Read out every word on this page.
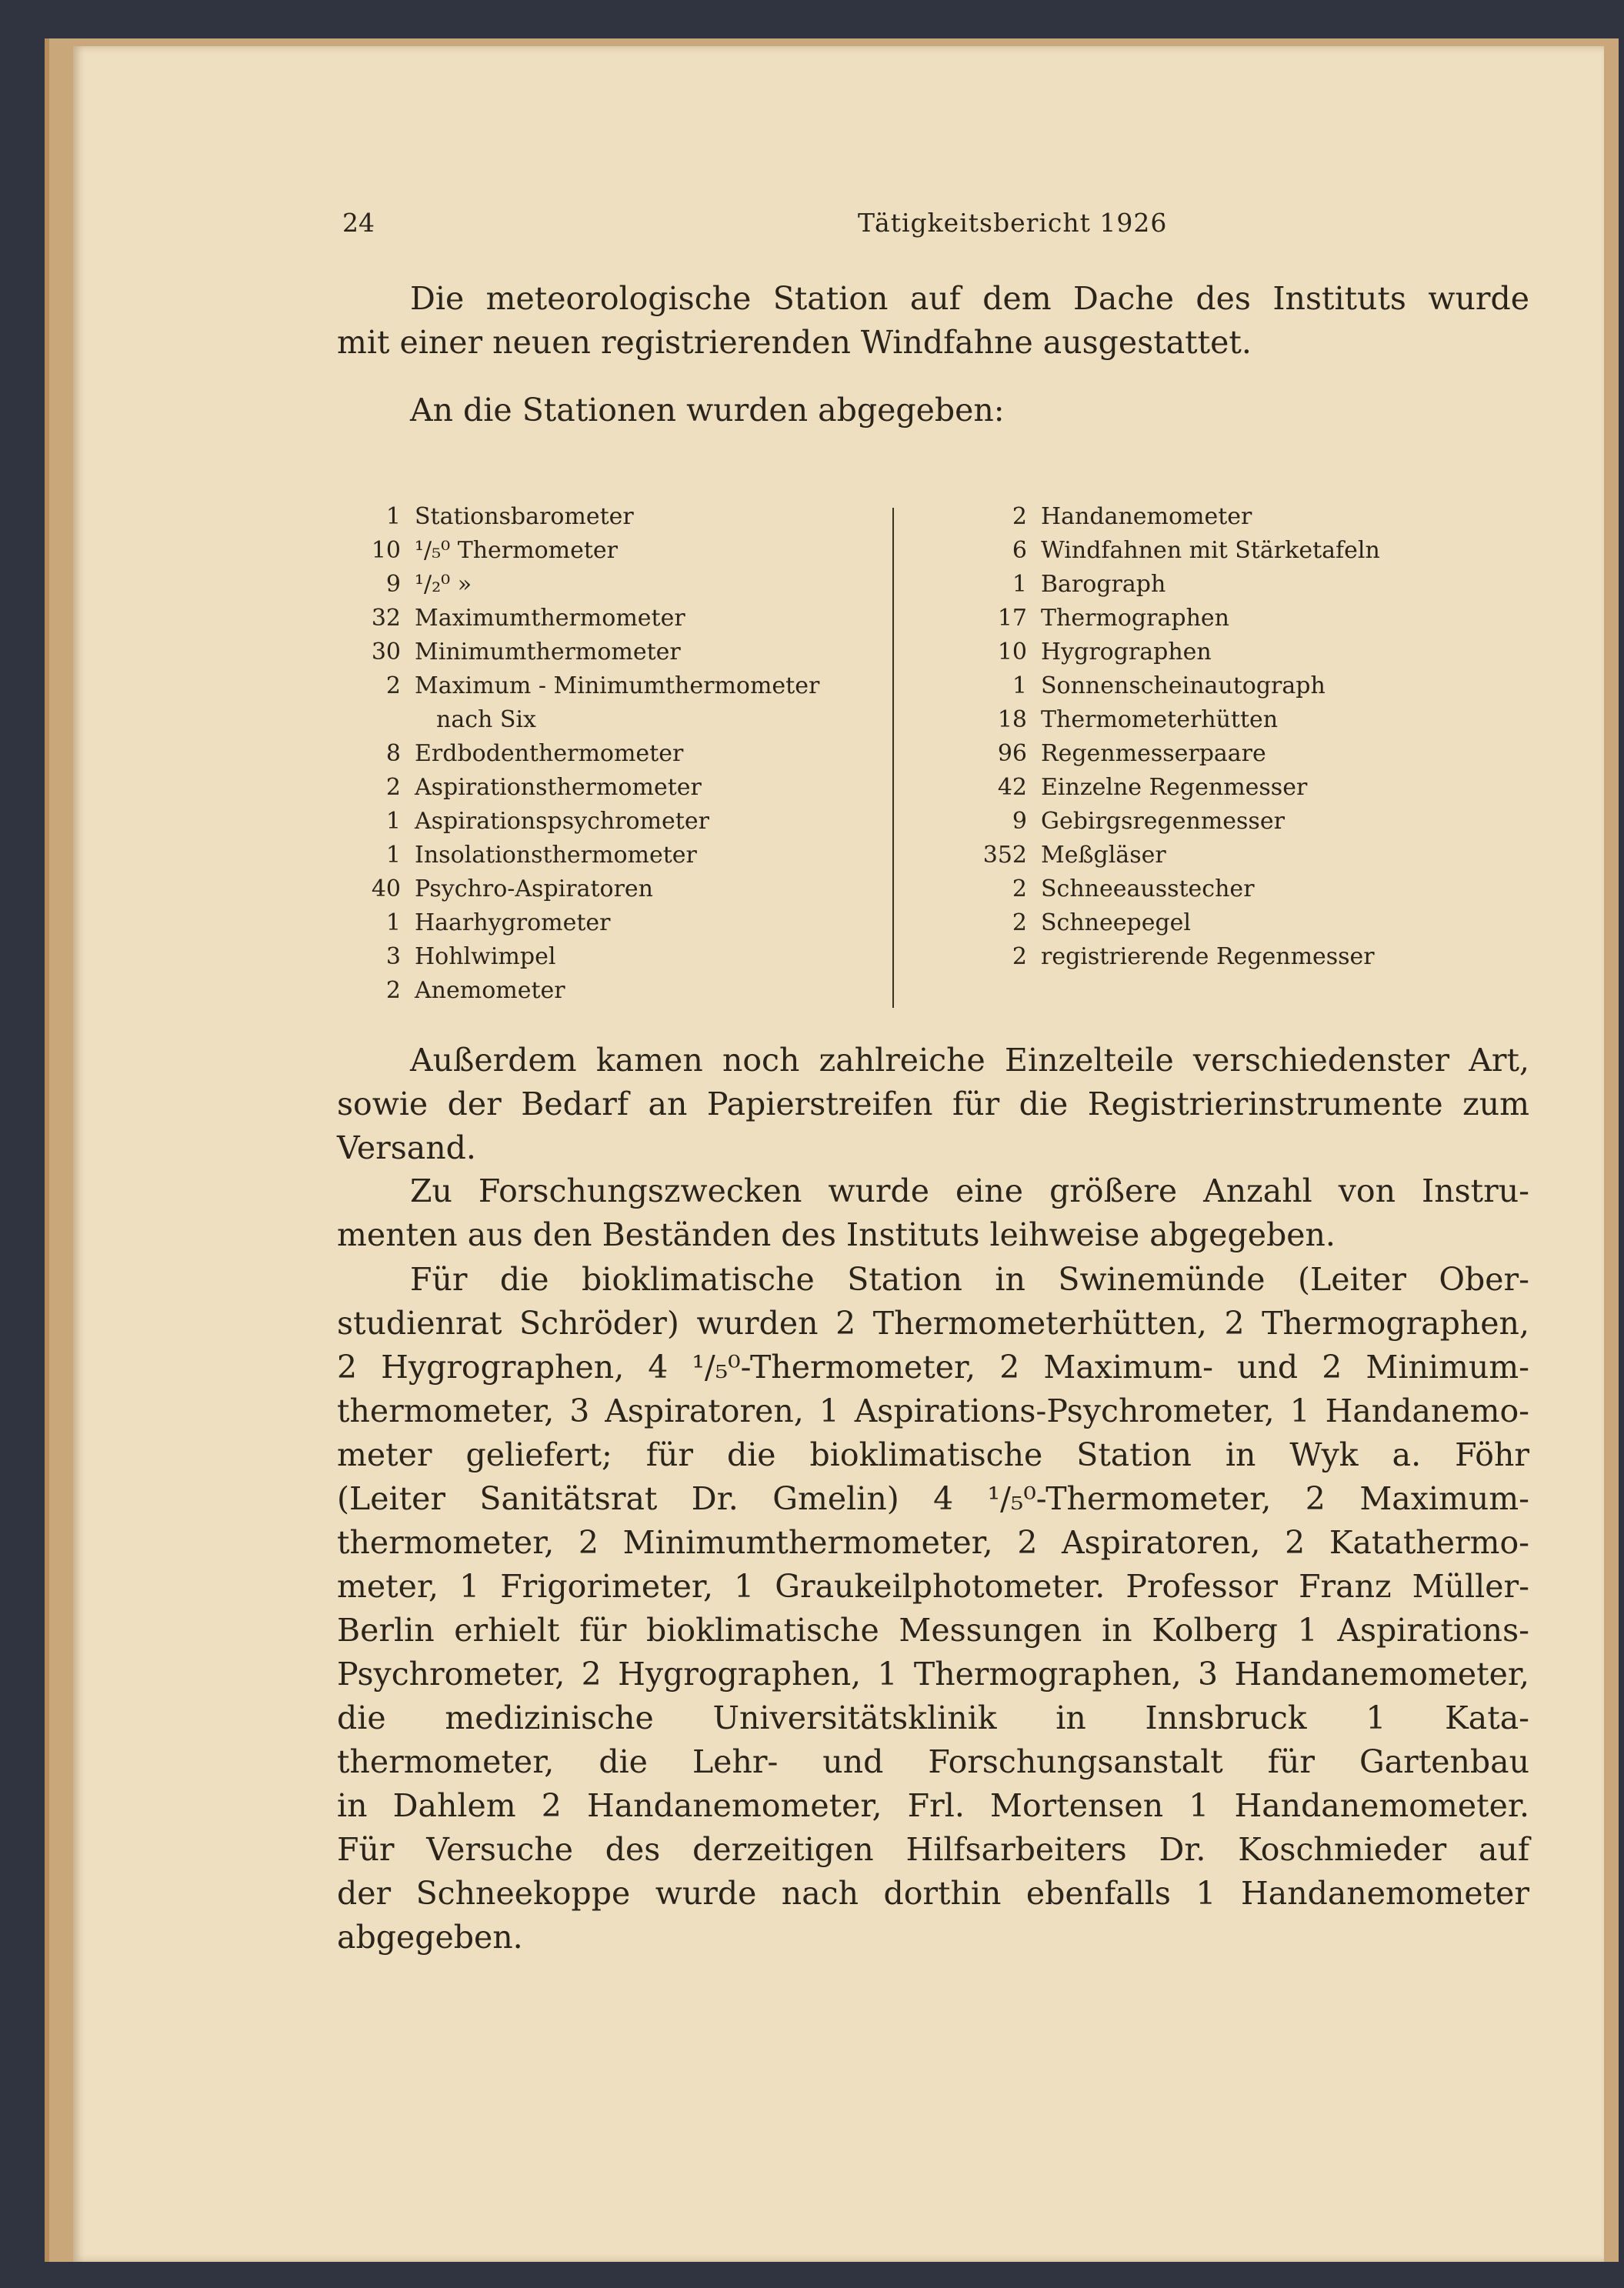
24	Tätigkeitsbericht 1926
Die meteorologische Station auf dem Dache des Instituts wurde
mit einer neuen registrierenden Windfahne ausgestattet.
An die Stationen wurden abgegeben:
1 Stationsbarometer
10 ¹/₅⁰ Thermometer
9 ¹/₂⁰ »
32 Maximumthermometer
30 Minimumthermometer
2 Maximum - Minimumthermometer
nach Six
8 Erdbodenthermometer
2 Aspirationsthermometer
1 Aspirationspsychrometer
1 Insolationsthermometer
40 Psychro-Aspiratoren
1 Haarhygrometer
3 Hohlwimpel
2 Anemometer
2 Handanemometer
6 Windfahnen mit Stärketafeln
1 Barograph
17 Thermographen
10 Hygrographen
1 Sonnenscheinautograph
18 Thermometerhütten
96 Regenmesserpaare
42 Einzelne Regenmesser
9 Gebirgsregenmesser
352 Meßgläser
2 Schneeausstecher
2 Schneepegel
2 registrierende Regenmesser
Außerdem kamen noch zahlreiche Einzelteile verschiedenster Art,
sowie der Bedarf an Papierstreifen für die Registrierinstrumente zum
Versand.
Zu Forschungszwecken wurde eine größere Anzahl von Instru-
menten aus den Beständen des Instituts leihweise abgegeben.
Für die bioklimatische Station in Swinemünde (Leiter Ober-
studienrat Schröder) wurden 2 Thermometerhütten, 2 Thermographen,
2 Hygrographen, 4 ¹/₅⁰-Thermometer, 2 Maximum- und 2 Minimum-
thermometer, 3 Aspiratoren, 1 Aspirations-Psychrometer, 1 Handanemo-
meter geliefert; für die bioklimatische Station in Wyk a. Föhr
(Leiter Sanitätsrat Dr. Gmelin) 4 ¹/₅⁰-Thermometer, 2 Maximum-
thermometer, 2 Minimumthermometer, 2 Aspiratoren, 2 Katathermo-
meter, 1 Frigorimeter, 1 Graukeilphotometer. Professor Franz Müller-
Berlin erhielt für bioklimatische Messungen in Kolberg 1 Aspirations-
Psychrometer, 2 Hygrographen, 1 Thermographen, 3 Handanemometer,
die medizinische Universitätsklinik in Innsbruck 1 Kata-
thermometer, die Lehr- und Forschungsanstalt für Gartenbau
in Dahlem 2 Handanemometer, Frl. Mortensen 1 Handanemometer.
Für Versuche des derzeitigen Hilfsarbeiters Dr. Koschmieder auf
der Schneekoppe wurde nach dorthin ebenfalls 1 Handanemometer
abgegeben.
